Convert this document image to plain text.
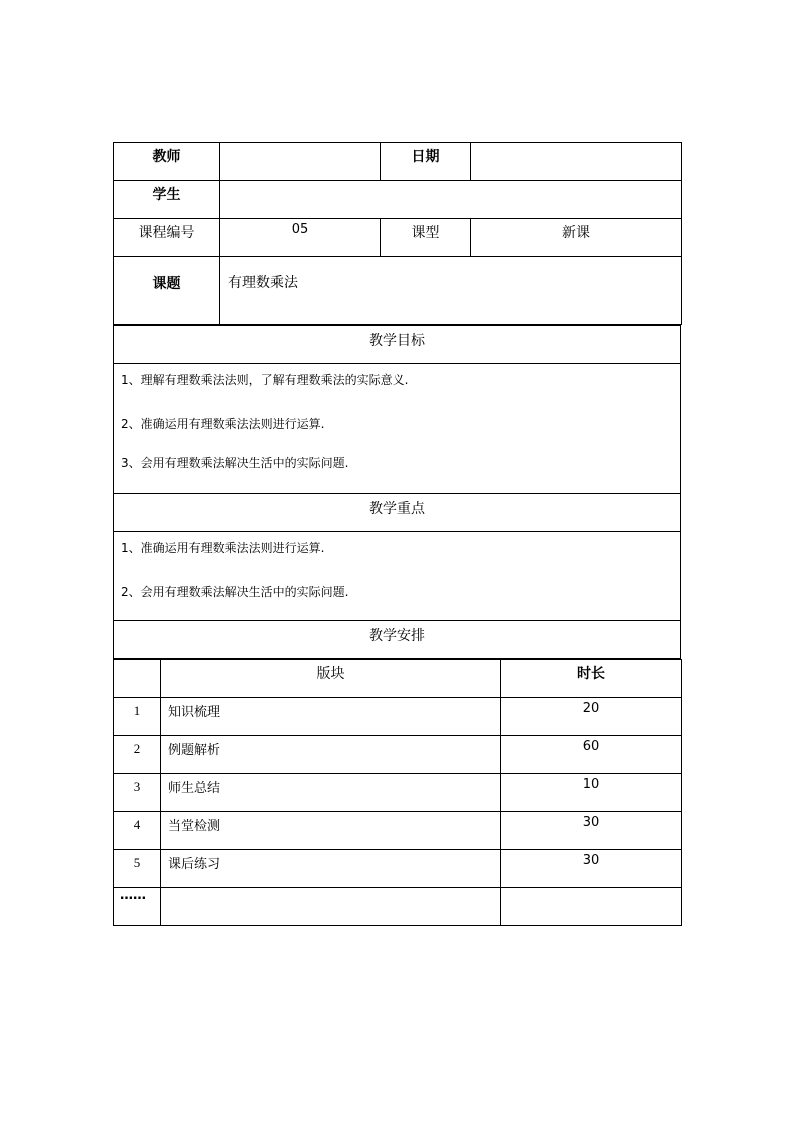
教师		日期	
学生			
课程编号	05	课型	新课
课题	有理数乘法		
教学目标

1、理解有理数乘法法则，了解有理数乘法的实际意义.

2、准确运用有理数乘法法则进行运算.

3、会用有理数乘法解决生活中的实际问题.

教学重点

1、准确运用有理数乘法法则进行运算.

2、会用有理数乘法解决生活中的实际问题.

教学安排
	版块	时长
1	知识梳理	20
2	例题解析	60
3	师生总结	10
4	当堂检测	30
5	课后练习	30
……		
